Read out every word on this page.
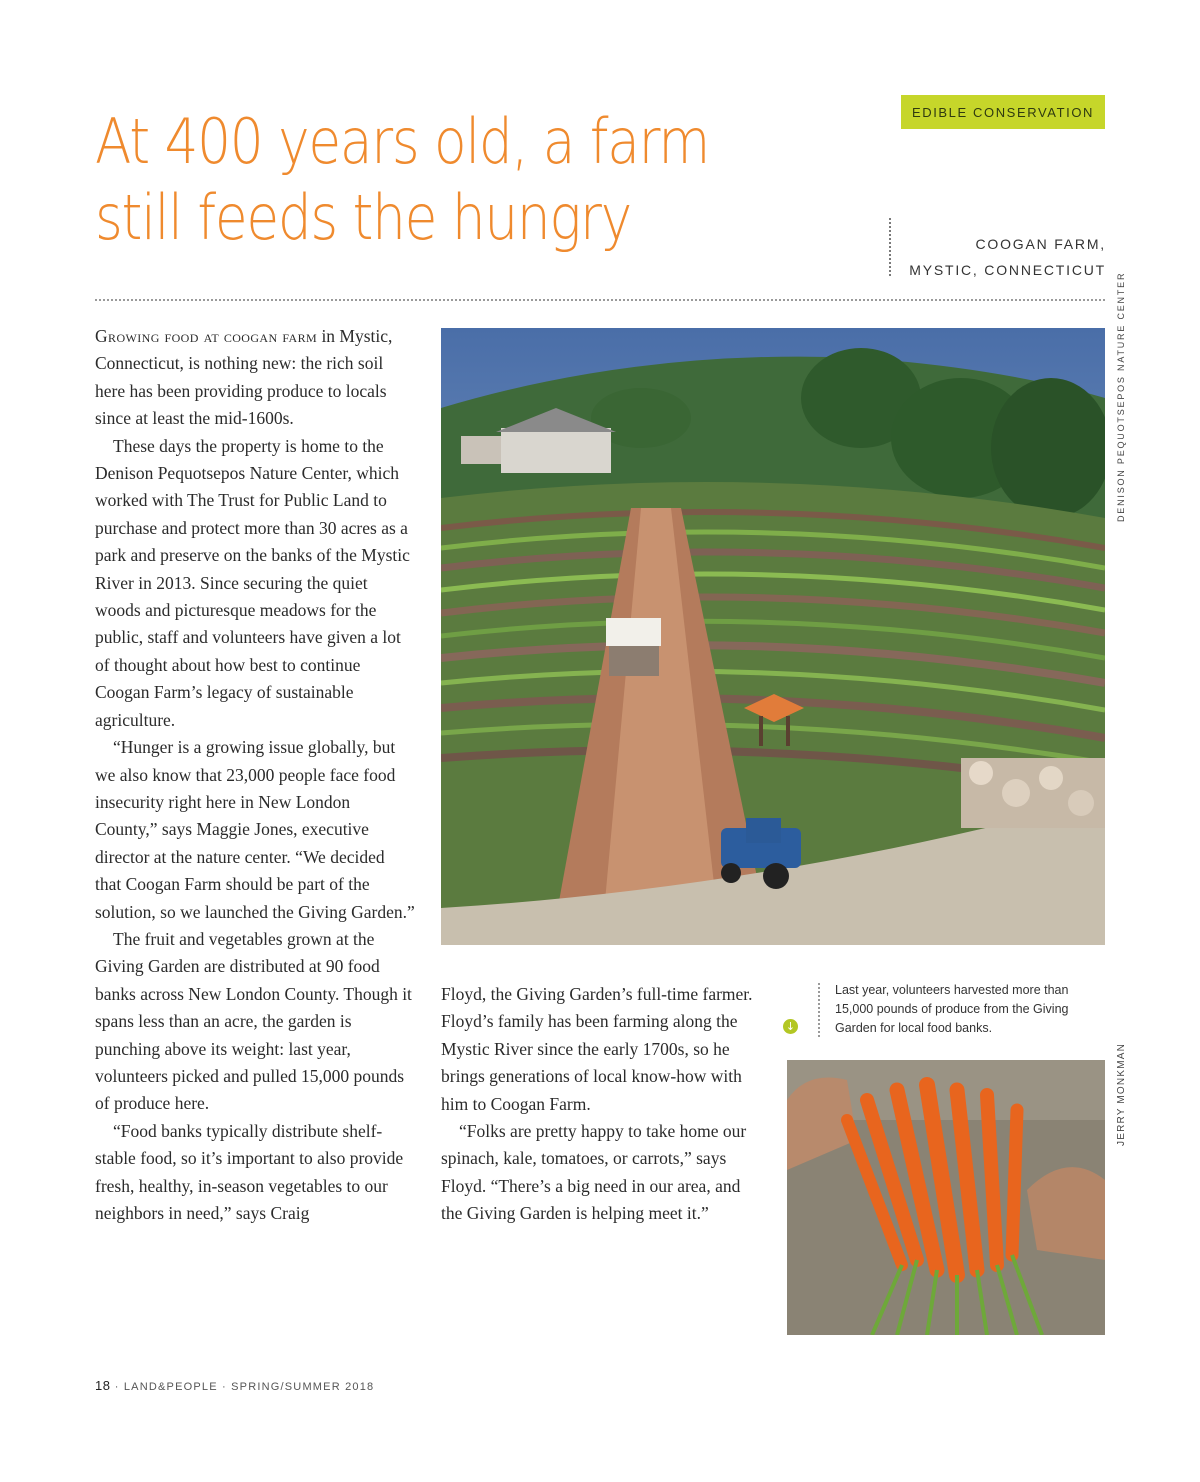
At 400 years old, a farm
still feeds the hungry
EDIBLE CONSERVATION
COOGAN FARM,
MYSTIC, CONNECTICUT

Growing food at coogan farm in Mystic, Connecticut, is nothing new: the rich soil here has been providing produce to locals since at least the mid-1600s.

These days the property is home to the Denison Pequotsepos Nature Center, which worked with The Trust for Public Land to purchase and protect more than 30 acres as a park and preserve on the banks of the Mystic River in 2013. Since securing the quiet woods and picturesque meadows for the public, staff and volunteers have given a lot of thought about how best to continue Coogan Farm’s legacy of sustainable agriculture.

“Hunger is a growing issue globally, but we also know that 23,000 people face food insecurity right here in New London County,” says Maggie Jones, executive director at the nature center. “We decided that Coogan Farm should be part of the solution, so we launched the Giving Garden.”

The fruit and vegetables grown at the Giving Garden are distributed at 90 food banks across New London County. Though it spans less than an acre, the garden is punching above its weight: last year, volunteers picked and pulled 15,000 pounds of produce here.

“Food banks typically distribute shelf-stable food, so it’s important to also provide fresh, healthy, in-season vegetables to our neighbors in need,” says Craig

DENISON PEQUOTSEPOS NATURE CENTER

Floyd, the Giving Garden’s full-time farmer. Floyd’s family has been farming along the Mystic River since the early 1700s, so he brings generations of local know-how with him to Coogan Farm.

“Folks are pretty happy to take home our spinach, kale, tomatoes, or carrots,” says Floyd. “There’s a big need in our area, and the Giving Garden is helping meet it.”

↓

Last year, volunteers harvested more than 15,000 pounds of produce from the Giving Garden for local food banks.

JERRY MONKMAN
18 · LAND&PEOPLE · SPRING/SUMMER 2018
